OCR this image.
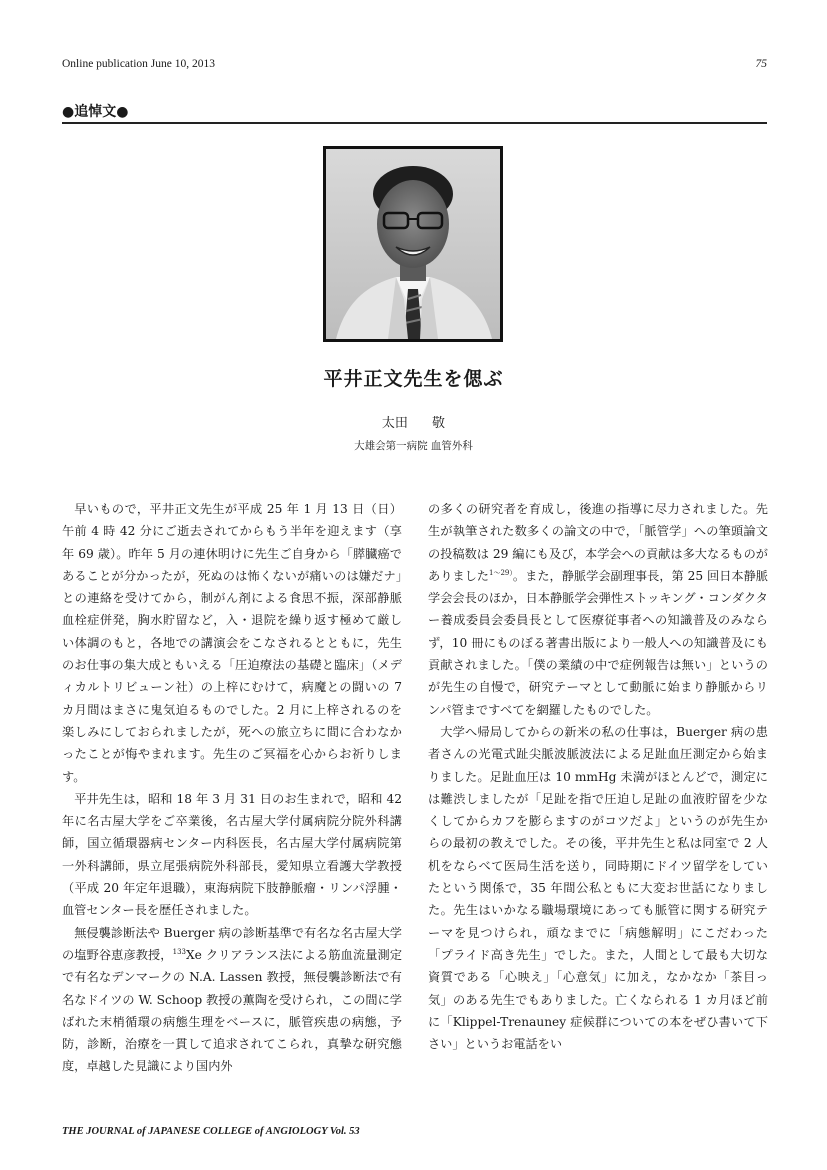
Online publication June 10, 2013	75
●追悼文●
平井正文先生を偲ぶ
太田 敬
大雄会第一病院 血管外科

早いもので，平井正文先生が平成 25 年 1 月 13 日（日）午前 4 時 42 分にご逝去されてからもう半年を迎えます（享年 69 歳）。昨年 5 月の連休明けに先生ご自身から「膵臓癌であることが分かったが，死ぬのは怖くないが痛いのは嫌だナ」との連絡を受けてから，制がん剤による食思不振，深部静脈血栓症併発，胸水貯留など，入・退院を繰り返す極めて厳しい体調のもと，各地での講演会をこなされるとともに，先生のお仕事の集大成ともいえる「圧迫療法の基礎と臨床」（メディカルトリビューン社）の上梓にむけて，病魔との闘いの 7 カ月間はまさに鬼気迫るものでした。2 月に上梓されるのを楽しみにしておられましたが，死への旅立ちに間に合わなかったことが悔やまれます。先生のご冥福を心からお祈りします。

平井先生は，昭和 18 年 3 月 31 日のお生まれで，昭和 42 年に名古屋大学をご卒業後，名古屋大学付属病院分院外科講師，国立循環器病センター内科医長，名古屋大学付属病院第一外科講師，県立尾張病院外科部長，愛知県立看護大学教授（平成 20 年定年退職），東海病院下肢静脈瘤・リンパ浮腫・血管センター長を歴任されました。

無侵襲診断法や Buerger 病の診断基準で有名な名古屋大学の塩野谷恵彦教授，$^{133}$Xe クリアランス法による筋血流量測定で有名なデンマークの N.A. Lassen 教授，無侵襲診断法で有名なドイツの W. Schoop 教授の薫陶を受けられ，この間に学ばれた末梢循環の病態生理をベースに，脈管疾患の病態，予防，診断，治療を一貫して追求されてこられ，真摯な研究態度，卓越した見識により国内外

の多くの研究者を育成し，後進の指導に尽力されました。先生が執筆された数多くの論文の中で，「脈管学」への筆頭論文の投稿数は 29 編にも及び，本学会への貢献は多大なるものがありました$^{1〜29)}$。また，静脈学会副理事長，第 25 回日本静脈学会会長のほか，日本静脈学会弾性ストッキング・コンダクター養成委員会委員長として医療従事者への知識普及のみならず，10 冊にものぼる著書出版により一般人への知識普及にも貢献されました。「僕の業績の中で症例報告は無い」というのが先生の自慢で，研究テーマとして動脈に始まり静脈からリンパ管まですべてを網羅したものでした。

大学へ帰局してからの新米の私の仕事は，Buerger 病の患者さんの光電式趾尖脈波脈波法による足趾血圧測定から始まりました。足趾血圧は 10 mmHg 未満がほとんどで，測定には難渋しましたが「足趾を指で圧迫し足趾の血液貯留を少なくしてからカフを膨らますのがコツだよ」というのが先生からの最初の教えでした。その後，平井先生と私は同室で 2 人机をならべて医局生活を送り，同時期にドイツ留学をしていたという関係で，35 年間公私ともに大変お世話になりました。先生はいかなる職場環境にあっても脈管に関する研究テーマを見つけられ，頑なまでに「病態解明」にこだわった「プライド高き先生」でした。また，人間として最も大切な資質である「心映え」「心意気」に加え，なかなか「茶目っ気」のある先生でもありました。亡くなられる 1 カ月ほど前に「Klippel-Trenauney 症候群についての本をぜひ書いて下さい」というお電話をい

THE JOURNAL of JAPANESE COLLEGE of ANGIOLOGY Vol. 53
